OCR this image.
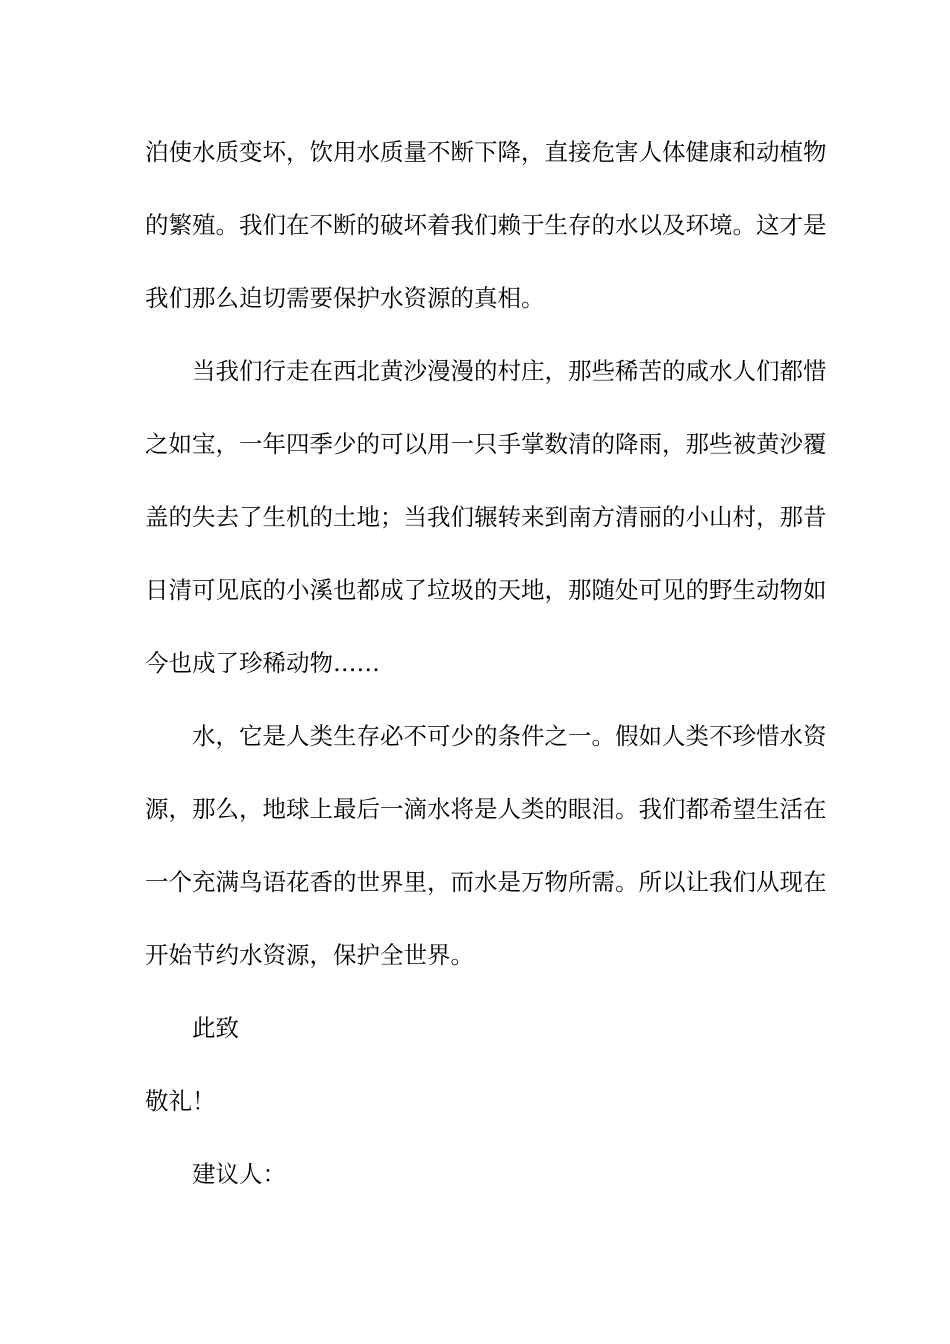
泊使水质变坏，饮用水质量不断下降，直接危害人体健康和动植物
的繁殖。我们在不断的破坏着我们赖于生存的水以及环境。这才是
我们那么迫切需要保护水资源的真相。
当我们行走在西北黄沙漫漫的村庄，那些稀苦的咸水人们都惜
之如宝，一年四季少的可以用一只手掌数清的降雨，那些被黄沙覆
盖的失去了生机的土地；当我们辗转来到南方清丽的小山村，那昔
日清可见底的小溪也都成了垃圾的天地，那随处可见的野生动物如
今也成了珍稀动物……
水，它是人类生存必不可少的条件之一。假如人类不珍惜水资
源，那么，地球上最后一滴水将是人类的眼泪。我们都希望生活在
一个充满鸟语花香的世界里，而水是万物所需。所以让我们从现在
开始节约水资源，保护全世界。
此致
敬礼！
建议人：
